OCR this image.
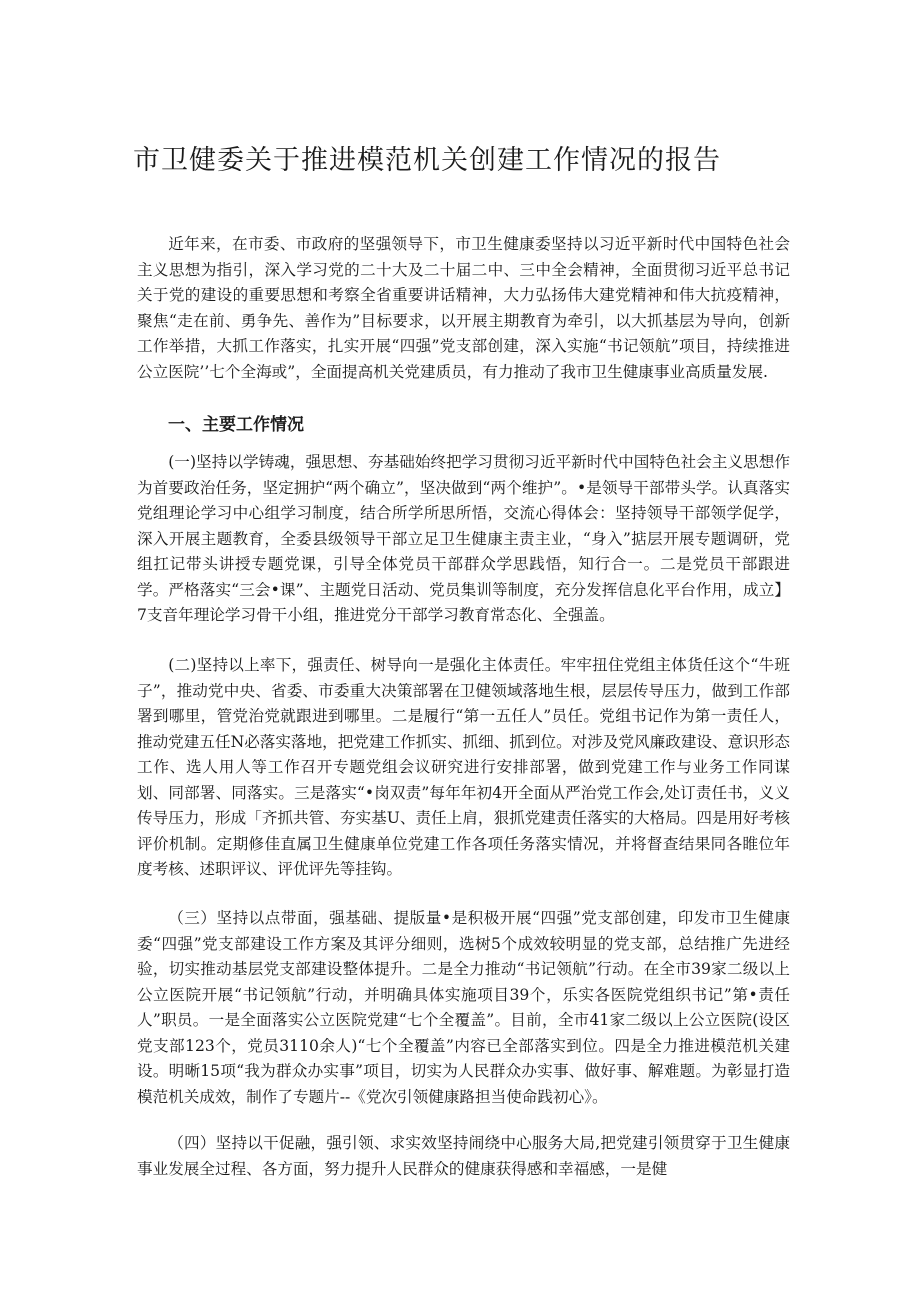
市卫健委关于推进模范机关创建工作情况的报告

近年来，在市委、市政府的坚强领导下，市卫生健康委坚持以习近平新时代中国特色社会主义思想为指引，深入学习党的二十大及二十届二中、三中全会精神，全面贯彻习近平总书记关于党的建设的重要思想和考察全省重要讲话精神，大力弘扬伟大建党精神和伟大抗疫精神，聚焦“走在前、勇争先、善作为”目标要求，以开展主期教育为牵引，以大抓基层为导向，创新工作举措，大抓工作落实，扎实开展“四强”党支部创建，深入实施“书记领航”项目，持续推进公立医院’’七个全海或”，全面提高机关党建质员，有力推动了我市卫生健康事业高质量发展.

一、主要工作情况

(一)坚持以学铸魂，强思想、夯基础始终把学习贯彻习近平新时代中国特色社会主义思想作为首要政治任务，坚定拥护“两个确立”，坚决做到“两个维护”。•是领导干部带头学。认真落实党组理论学习中心组学习制度，结合所学所思所悟，交流心得体会：坚持领导干部领学促学，深入开展主题教育，全委县级领导干部立足卫生健康主责主业，“身入”掂层开展专题调研，党组扛记带头讲授专题党课，引导全体党员干部群众学思践悟，知行合一。二是党员干部跟进学。严格落实“三会•课”、主题党日活动、党员集训等制度，充分发挥信息化平台作用，成立】7支音年理论学习骨干小组，推进党分干部学习教育常态化、全强盖。

(二)坚持以上率下，强责任、树导向一是强化主体责任。牢牢扭住党组主体货任这个“牛班子”，推动党中央、省委、市委重大决策部署在卫健领域落地生根，层层传导压力，做到工作部署到哪里，管党治党就跟进到哪里。二是履行“第一五任人”员任。党组书记作为第一责任人，推动党建五任N必落实落地，把党建工作抓实、抓细、抓到位。对涉及党风廉政建设、意识形态工作、选人用人等工作召开专题党组会议研究进行安排部署，做到党建工作与业务工作同谋划、同部署、同落实。三是落实“•岗双责”每年年初4开全面从严治党工作会,处订责任书，义义传导压力，形成「齐抓共管、夯实基U、责任上肩，狠抓党建责任落实的大格局。四是用好考核评价机制。定期修佳直属卫生健康单位党建工作各项任务落实情况，并将督查结果同各睢位年度考核、述职评议、评优评先等挂钩。

（三）坚持以点带面，强基础、提版量•是积极开展“四强”党支部创建，印发市卫生健康委“四强”党支部建设工作方案及其评分细则，选树5个成效较明显的党支部，总结推广先进经验，切实推动基层党支部建设整体提升。二是全力推动“书记领航”行动。在全市39家二级以上公立医院开展“书记领航”行动，并明确具体实施项目39个，乐实各医院党组织书记”第•责任人”职员。一是全面落实公立医院党建“七个全覆盖”。目前，全市41家二级以上公立医院(设区党支部123个，党员3110余人)“七个全覆盖”内容已全部落实到位。四是全力推进模范机关建设。明晰15项“我为群众办实事”项目，切实为人民群众办实事、做好事、解难题。为彰显打造模范机关成效，制作了专题片--《党次引领健康路担当使命践初心》。

（四）坚持以干促融，强引领、求实效坚持闹绕中心服务大局,把党建引领贯穿于卫生健康事业发展全过程、各方面，努力提升人民群众的健康获得感和幸福感，一是健
